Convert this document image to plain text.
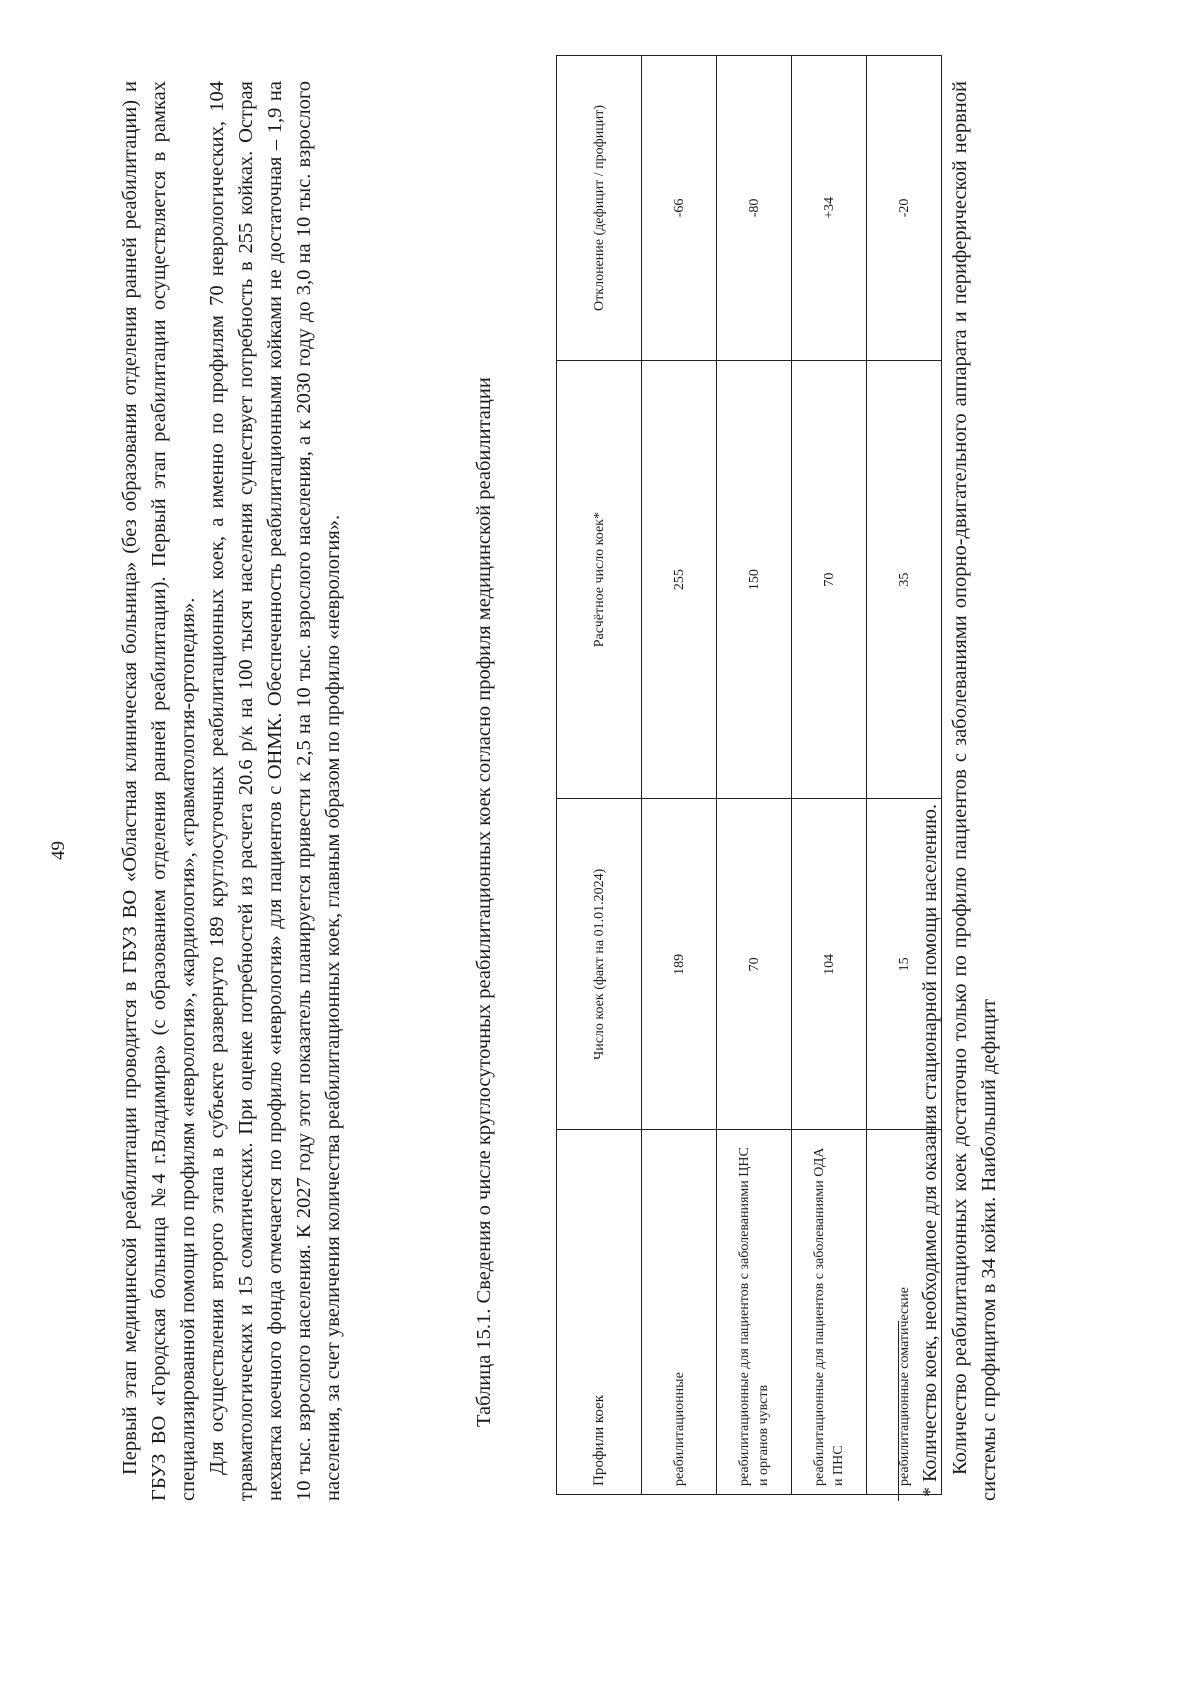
49 Первый этап медицинской реабилитации проводится в ГБУЗ ВО «Областная клиническая больница» (без образования отделения ранней реабилитации) и ГБУЗ ВО «Городская больница №4 г.Владимира» (с образованием отделения ранней реабилитации). Первый этап реабилитации осуществляется в рамках специализированной помощи по профилям «неврология», «кардиология», «травматология-ортопедия». Для осуществления второго этапа в субъекте развернуто 189 круглосуточных реабилитационных коек, а именно по профилям 70 неврологических, 104 травматологических и 15 соматических. При оценке потребностей из расчета 20.6 р/к на 100 тысяч населения существует потребность в 255 койках. Острая нехватка коечного фонда отмечается по профилю «неврология» для пациентов с ОНМК. Обеспеченность реабилитационными койками не достаточная – 1,9 на 10 тыс. взрослого населения. К 2027 году этот показатель планируется привести к 2,5 на 10 тыс. взрослого населения, а к 2030 году до 3,0 на 10 тыс. взрослого населения, за счет увеличения количества реабилитационных коек, главным образом по профилю «неврология».	Таблица 15.1. Сведения о числе круглосуточных реабилитационных коек согласно профиля медицинской реабилитации

Профили коек	Число коек (факт на 01.01.2024)	Расчётное число коек*	Отклонение (дефицит / профицит)
реабилитационные	189	255	-66
реабилитационные для пациентов с заболеваниями ЦНС и органов чувств	70	150	-80
реабилитационные для пациентов с заболеваниями ОДА и ПНС	104	70	+34
реабилитационные соматические	15	35	-20

* Количество коек, необходимое для оказания стационарной помощи населению. Количество реабилитационных коек достаточно только по профилю пациентов с заболеваниями опорно-двигательного аппарата и периферической нервной системы с профицитом в 34 койки. Наибольший дефицит
